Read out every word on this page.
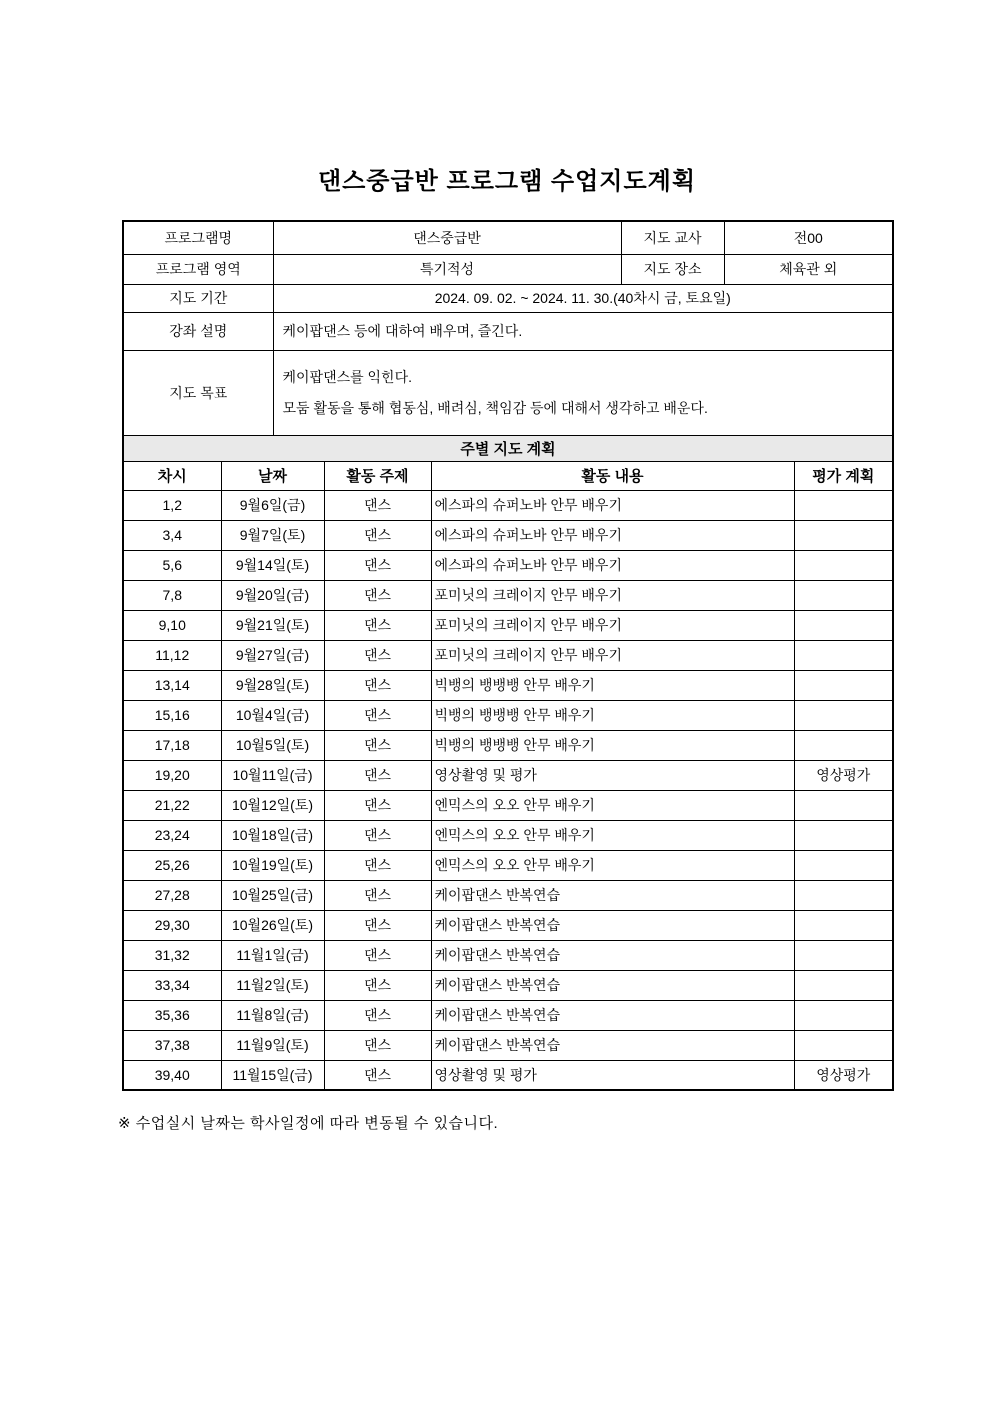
댄스중급반 프로그램 수업지도계획
프로그램명	댄스중급반	지도 교사	전00
프로그램 영역	특기적성	지도 장소	체육관 외
지도 기간	2024. 09. 02. ~ 2024. 11. 30.(40차시 금, 토요일)		
강좌 설명	케이팝댄스 등에 대하여 배우며, 즐긴다.		
지도 목표	케이팝댄스를 익힌다.
모둠 활동을 통해 협동심, 배려심, 책임감 등에 대해서 생각하고 배운다.		
주별 지도 계획				
차시	날짜	활동 주제	활동 내용	평가 계획
1,2	9월6일(금)	댄스	에스파의 슈퍼노바 안무 배우기	
3,4	9월7일(토)	댄스	에스파의 슈퍼노바 안무 배우기	
5,6	9월14일(토)	댄스	에스파의 슈퍼노바 안무 배우기	
7,8	9월20일(금)	댄스	포미닛의 크레이지 안무 배우기	
9,10	9월21일(토)	댄스	포미닛의 크레이지 안무 배우기	
11,12	9월27일(금)	댄스	포미닛의 크레이지 안무 배우기	
13,14	9월28일(토)	댄스	빅뱅의 뱅뱅뱅 안무 배우기	
15,16	10월4일(금)	댄스	빅뱅의 뱅뱅뱅 안무 배우기	
17,18	10월5일(토)	댄스	빅뱅의 뱅뱅뱅 안무 배우기	
19,20	10월11일(금)	댄스	영상촬영 및 평가	영상평가
21,22	10월12일(토)	댄스	엔믹스의 오오 안무 배우기	
23,24	10월18일(금)	댄스	엔믹스의 오오 안무 배우기	
25,26	10월19일(토)	댄스	엔믹스의 오오 안무 배우기	
27,28	10월25일(금)	댄스	케이팝댄스 반복연습	
29,30	10월26일(토)	댄스	케이팝댄스 반복연습	
31,32	11월1일(금)	댄스	케이팝댄스 반복연습	
33,34	11월2일(토)	댄스	케이팝댄스 반복연습	
35,36	11월8일(금)	댄스	케이팝댄스 반복연습	
37,38	11월9일(토)	댄스	케이팝댄스 반복연습	
39,40	11월15일(금)	댄스	영상촬영 및 평가	영상평가

※ 수업실시 날짜는 학사일정에 따라 변동될 수 있습니다.
